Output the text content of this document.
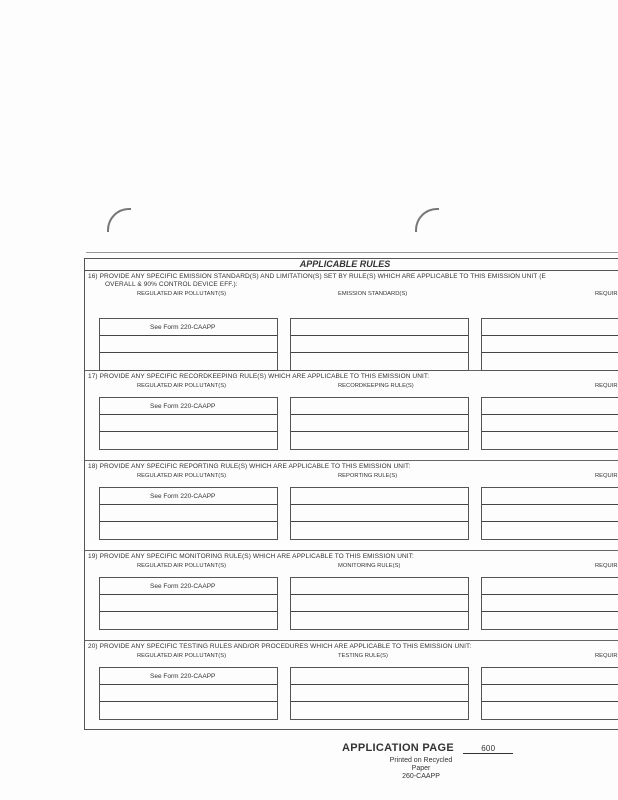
APPLICABLE RULES
16) PROVIDE ANY SPECIFIC EMISSION STANDARD(S) AND LIMITATION(S) SET BY RULE(S) WHICH ARE APPLICABLE TO THIS EMISSION UNIT (E
OVERALL & 90% CONTROL DEVICE EFF.):
REGULATED AIR POLLUTANT(S)	EMISSION STANDARD(S)	REQUIR
See Form 220-CAAPP
17) PROVIDE ANY SPECIFIC RECORDKEEPING RULE(S) WHICH ARE APPLICABLE TO THIS EMISSION UNIT:
REGULATED AIR POLLUTANT(S)	RECORDKEEPING RULE(S)	REQUIR
See Form 220-CAAPP
18) PROVIDE ANY SPECIFIC REPORTING RULE(S) WHICH ARE APPLICABLE TO THIS EMISSION UNIT:
REGULATED AIR POLLUTANT(S)	REPORTING RULE(S)	REQUIR
See Form 220-CAAPP
19) PROVIDE ANY SPECIFIC MONITORING RULE(S) WHICH ARE APPLICABLE TO THIS EMISSION UNIT:
REGULATED AIR POLLUTANT(S)	MONITORING RULE(S)	REQUIR
See Form 220-CAAPP
20) PROVIDE ANY SPECIFIC TESTING RULES AND/OR PROCEDURES WHICH ARE APPLICABLE TO THIS EMISSION UNIT:
REGULATED AIR POLLUTANT(S)	TESTING RULE(S)	REQUIR
See Form 220-CAAPP
APPLICATION PAGE	600
Printed on Recycled Paper
260-CAAPP
